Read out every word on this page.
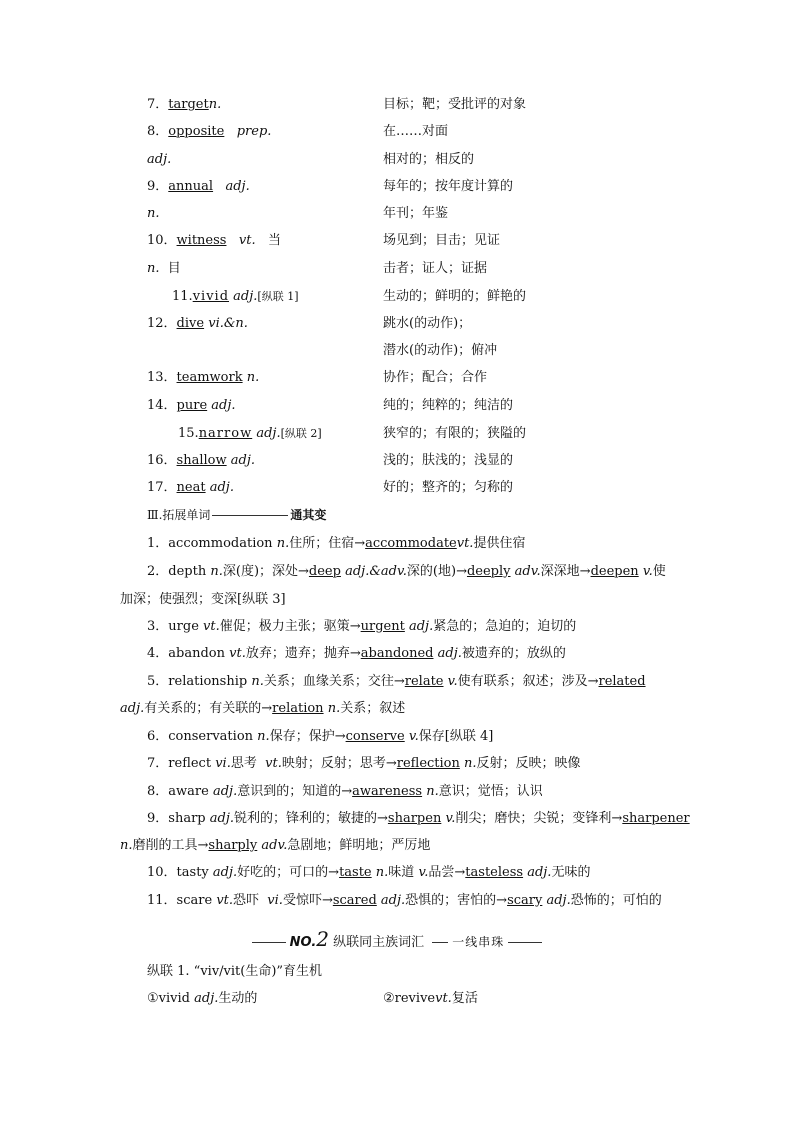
7．targetn.	目标；靶；受批评的对象
8．opposite prep.	在……对面
adj.	相对的；相反的
9．annual adj.	每年的；按年度计算的
n.	年刊；年鉴
10．witness vt. 当	场见到；目击；见证
n. 目	击者；证人；证据
11.vivid adj.[纵联 1]	生动的；鲜明的；鲜艳的
12．dive vi.&n.	跳水(的动作)；
潜水(的动作)；俯冲
13．teamwork n.	协作；配合；合作
14．pure adj.	纯的；纯粹的；纯洁的
15.narrow adj.[纵联 2]	狭窄的；有限的；狭隘的
16．shallow adj.	浅的；肤浅的；浅显的
17．neat adj.	好的；整齐的；匀称的
Ⅲ.拓展单词	通其变
1．accommodation n.住所；住宿→accommodatevt.提供住宿
2．depth n.深(度)；深处→deep adj.&adv.深的(地)→deeply adv.深深地→deepen v.使
加深；使强烈；变深[纵联 3]
3．urge vt.催促；极力主张；驱策→urgent adj.紧急的；急迫的；迫切的
4．abandon vt.放弃；遗弃；抛弃→abandoned adj.被遗弃的；放纵的
5．relationship n.关系；血缘关系；交往→relate v.使有联系；叙述；涉及→related
adj.有关系的；有关联的→relation n.关系；叙述
6．conservation n.保存；保护→conserve v.保存[纵联 4]
7．reflect vi.思考 vt.映射；反射；思考→reflection n.反射；反映；映像
8．aware adj.意识到的；知道的→awareness n.意识；觉悟；认识
9．sharp adj.锐利的；锋利的；敏捷的→sharpen v.削尖；磨快；尖锐；变锋利→sharpener
n.磨削的工具→sharply adv.急剧地；鲜明地；严厉地
10．tasty adj.好吃的；可口的→taste n.味道 v.品尝→tasteless adj.无味的
11．scare vt.恐吓 vi.受惊吓→scared adj.恐惧的；害怕的→scary adj.恐怖的；可怕的
NO.2 纵联同主族词汇 一线串珠
纵联 1. “viv/vit(生命)”育生机
①vivid adj.生动的	②revivevt.复活
